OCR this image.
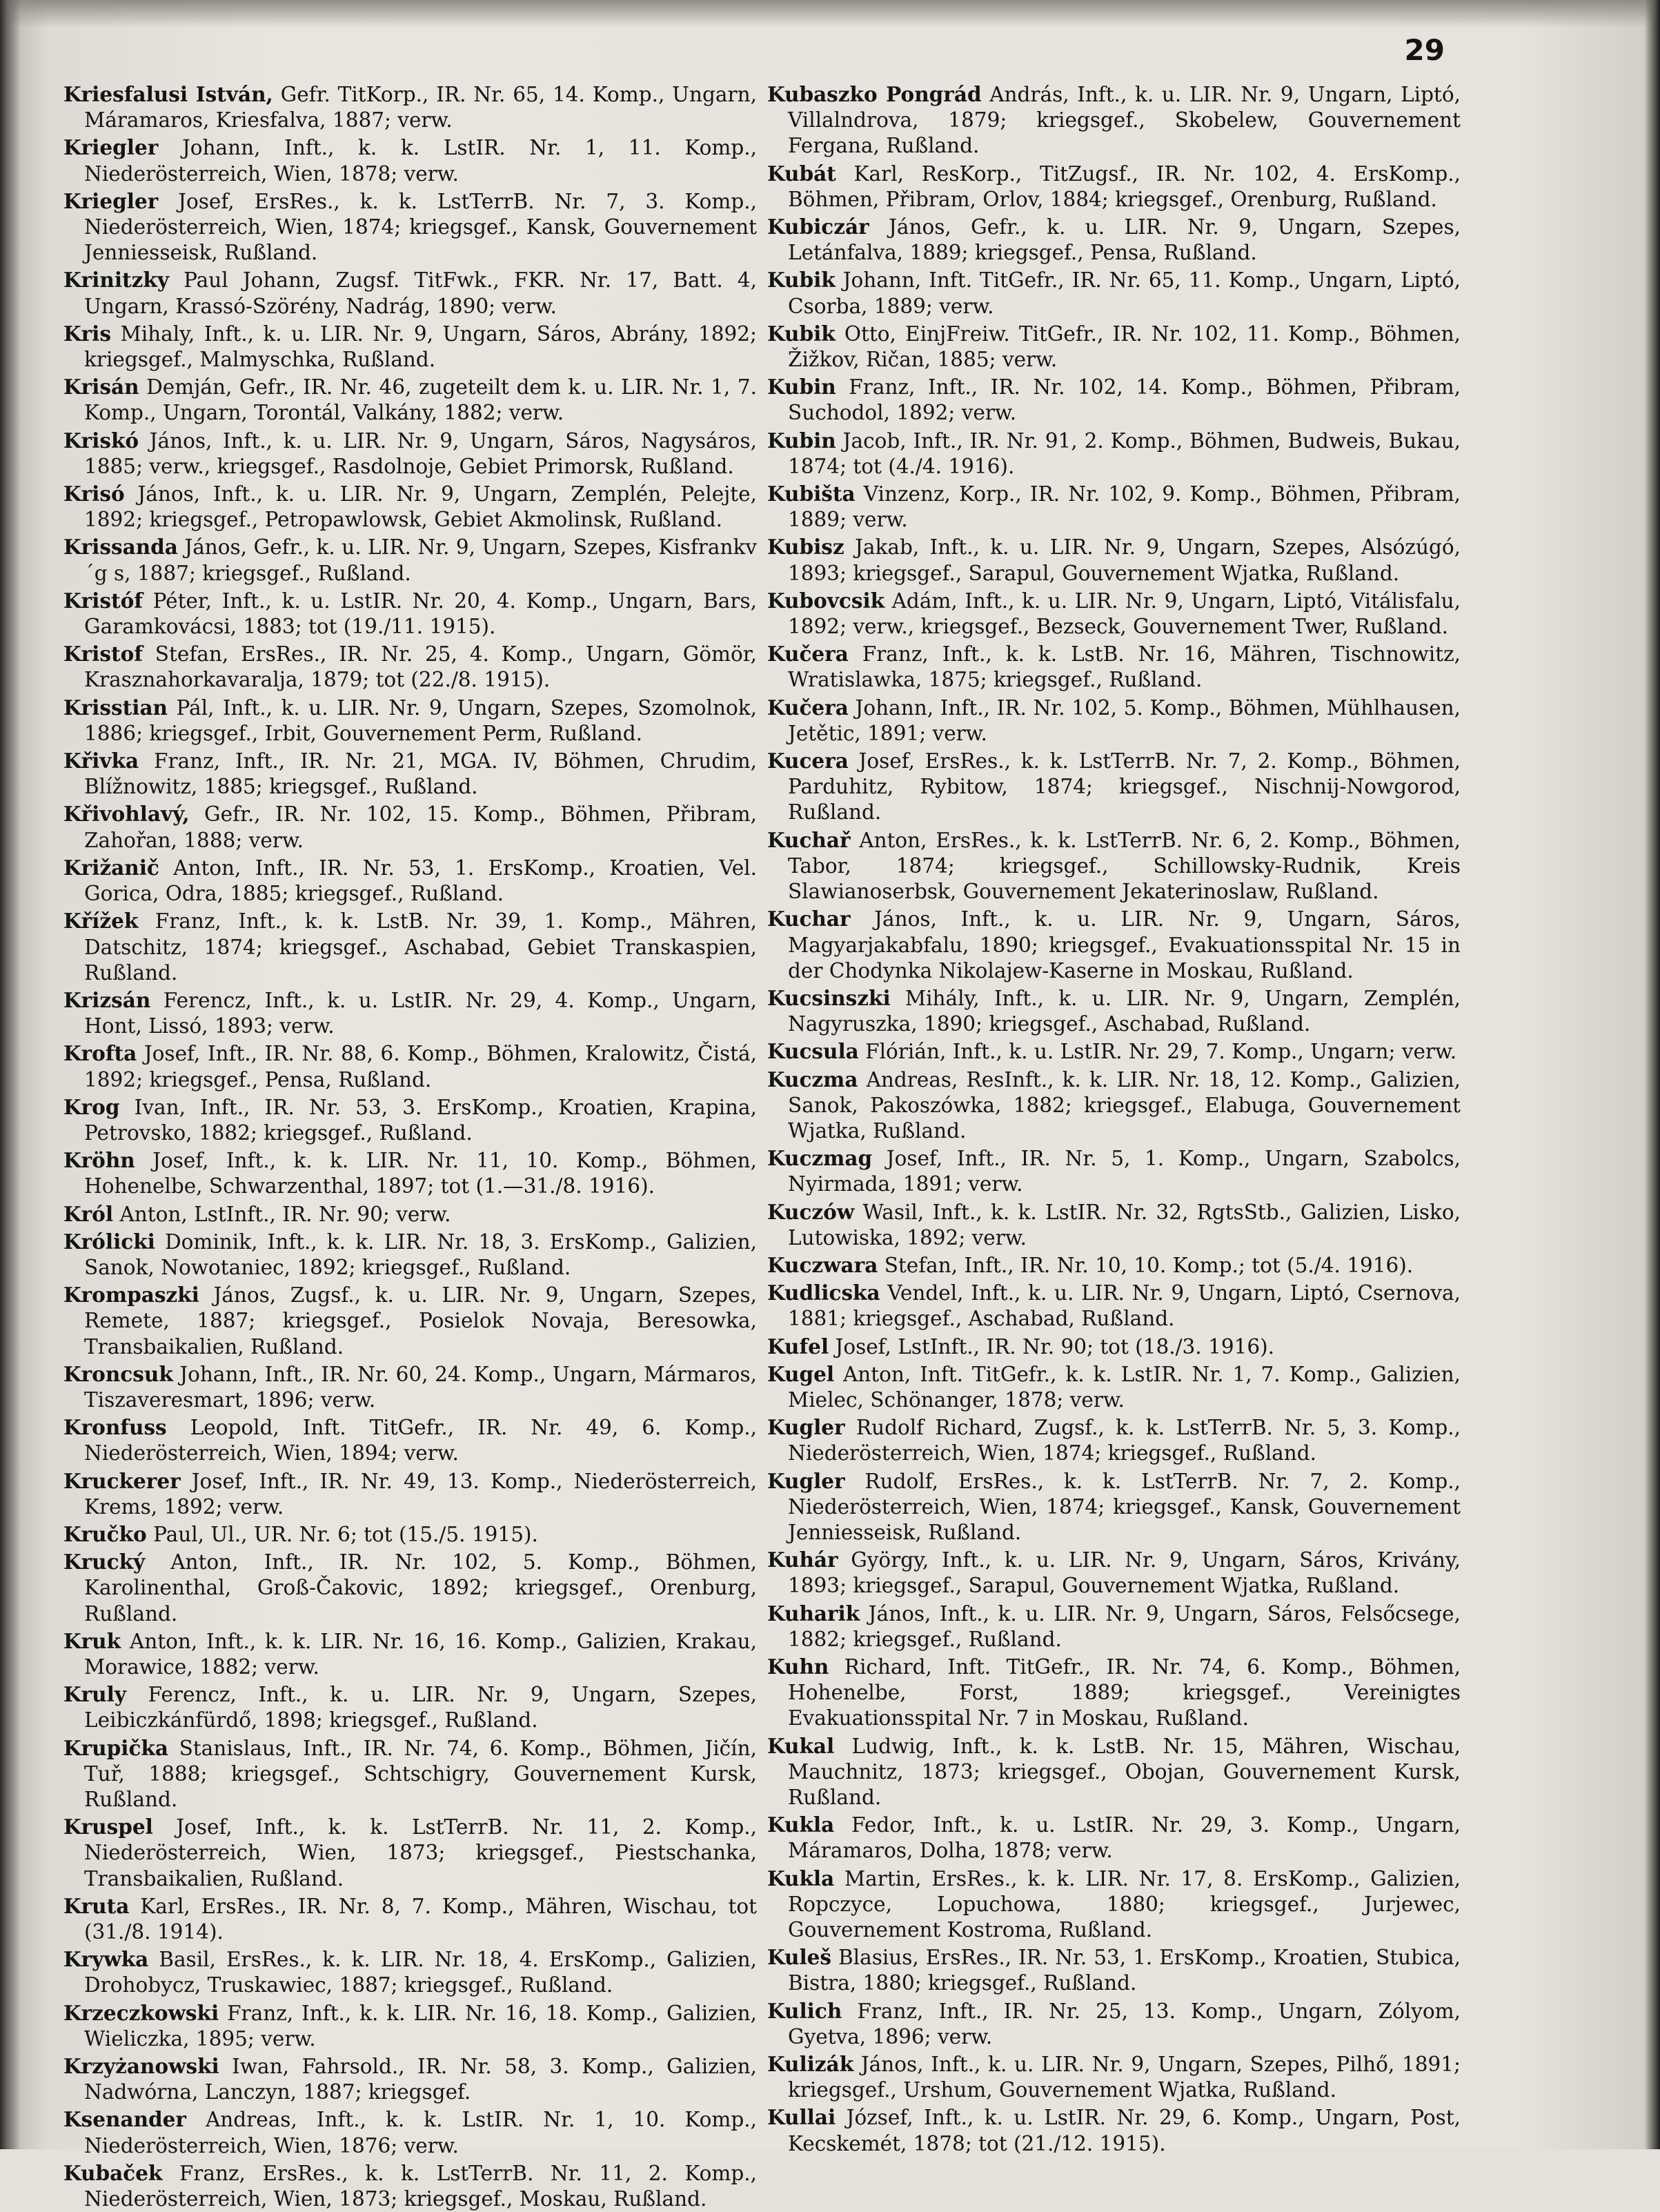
29

Kriesfalusi István, Gefr. TitKorp., IR. Nr. 65, 14. Komp., Ungarn, Máramaros, Kriesfalva, 1887; verw.

Kriegler Johann, Inft., k. k. LstIR. Nr. 1, 11. Komp., Niederösterreich, Wien, 1878; verw.

Kriegler Josef, ErsRes., k. k. LstTerrB. Nr. 7, 3. Komp., Niederösterreich, Wien, 1874; kriegsgef., Kansk, Gouvernement Jenniesseisk, Rußland.

Krinitzky Paul Johann, Zugsf. TitFwk., FKR. Nr. 17, Batt. 4, Ungarn, Krassó-Szörény, Nadrág, 1890; verw.

Kris Mihaly, Inft., k. u. LIR. Nr. 9, Ungarn, Sáros, Abrány, 1892; kriegsgef., Malmyschka, Rußland.

Krisán Demján, Gefr., IR. Nr. 46, zugeteilt dem k. u. LIR. Nr. 1, 7. Komp., Ungarn, Torontál, Valkány, 1882; verw.

Kriskó János, Inft., k. u. LIR. Nr. 9, Ungarn, Sáros, Nagysáros, 1885; verw., kriegsgef., Rasdolnoje, Gebiet Primorsk, Rußland.

Krisó János, Inft., k. u. LIR. Nr. 9, Ungarn, Zemplén, Pelejte, 1892; kriegsgef., Petropawlowsk, Gebiet Akmolinsk, Rußland.

Krissanda János, Gefr., k. u. LIR. Nr. 9, Ungarn, Szepes, Kisfrankv´g s, 1887; kriegsgef., Rußland.

Kristóf Péter, Inft., k. u. LstIR. Nr. 20, 4. Komp., Ungarn, Bars, Garamkovácsi, 1883; tot (19./11. 1915).

Kristof Stefan, ErsRes., IR. Nr. 25, 4. Komp., Ungarn, Gömör, Krasznahorkavaralja, 1879; tot (22./8. 1915).

Krisstian Pál, Inft., k. u. LIR. Nr. 9, Ungarn, Szepes, Szomolnok, 1886; kriegsgef., Irbit, Gouvernement Perm, Rußland.

Křivka Franz, Inft., IR. Nr. 21, MGA. IV, Böhmen, Chrudim, Blížnowitz, 1885; kriegsgef., Rußland.

Křivohlavý, Gefr., IR. Nr. 102, 15. Komp., Böhmen, Přibram, Zahořan, 1888; verw.

Križanič Anton, Inft., IR. Nr. 53, 1. ErsKomp., Kroatien, Vel. Gorica, Odra, 1885; kriegsgef., Rußland.

Křížek Franz, Inft., k. k. LstB. Nr. 39, 1. Komp., Mähren, Datschitz, 1874; kriegsgef., Aschabad, Gebiet Transkaspien, Rußland.

Krizsán Ferencz, Inft., k. u. LstIR. Nr. 29, 4. Komp., Ungarn, Hont, Lissó, 1893; verw.

Krofta Josef, Inft., IR. Nr. 88, 6. Komp., Böhmen, Kralowitz, Čistá, 1892; kriegsgef., Pensa, Rußland.

Krog Ivan, Inft., IR. Nr. 53, 3. ErsKomp., Kroatien, Krapina, Petrovsko, 1882; kriegsgef., Rußland.

Kröhn Josef, Inft., k. k. LIR. Nr. 11, 10. Komp., Böhmen, Hohenelbe, Schwarzenthal, 1897; tot (1.—31./8. 1916).

Król Anton, LstInft., IR. Nr. 90; verw.

Królicki Dominik, Inft., k. k. LIR. Nr. 18, 3. ErsKomp., Galizien, Sanok, Nowotaniec, 1892; kriegsgef., Rußland.

Krompaszki János, Zugsf., k. u. LIR. Nr. 9, Ungarn, Szepes, Remete, 1887; kriegsgef., Posielok Novaja, Beresowka, Transbaikalien, Rußland.

Kroncsuk Johann, Inft., IR. Nr. 60, 24. Komp., Ungarn, Mármaros, Tiszaveresmart, 1896; verw.

Kronfuss Leopold, Inft. TitGefr., IR. Nr. 49, 6. Komp., Niederösterreich, Wien, 1894; verw.

Kruckerer Josef, Inft., IR. Nr. 49, 13. Komp., Niederösterreich, Krems, 1892; verw.

Kručko Paul, Ul., UR. Nr. 6; tot (15./5. 1915).

Krucký Anton, Inft., IR. Nr. 102, 5. Komp., Böhmen, Karolinenthal, Groß-Čakovic, 1892; kriegsgef., Orenburg, Rußland.

Kruk Anton, Inft., k. k. LIR. Nr. 16, 16. Komp., Galizien, Krakau, Morawice, 1882; verw.

Kruly Ferencz, Inft., k. u. LIR. Nr. 9, Ungarn, Szepes, Leibiczkánfürdő, 1898; kriegsgef., Rußland.

Krupička Stanislaus, Inft., IR. Nr. 74, 6. Komp., Böhmen, Jičín, Tuř, 1888; kriegsgef., Schtschigry, Gouvernement Kursk, Rußland.

Kruspel Josef, Inft., k. k. LstTerrB. Nr. 11, 2. Komp., Niederösterreich, Wien, 1873; kriegsgef., Piestschanka, Transbaikalien, Rußland.

Kruta Karl, ErsRes., IR. Nr. 8, 7. Komp., Mähren, Wischau, tot (31./8. 1914).

Krywka Basil, ErsRes., k. k. LIR. Nr. 18, 4. ErsKomp., Galizien, Drohobycz, Truskawiec, 1887; kriegsgef., Rußland.

Krzeczkowski Franz, Inft., k. k. LIR. Nr. 16, 18. Komp., Galizien, Wieliczka, 1895; verw.

Krzyżanowski Iwan, Fahrsold., IR. Nr. 58, 3. Komp., Galizien, Nadwórna, Lanczyn, 1887; kriegsgef.

Ksenander Andreas, Inft., k. k. LstIR. Nr. 1, 10. Komp., Niederösterreich, Wien, 1876; verw.

Kubaček Franz, ErsRes., k. k. LstTerrB. Nr. 11, 2. Komp., Niederösterreich, Wien, 1873; kriegsgef., Moskau, Rußland.

Kubaszko Pongrád András, Inft., k. u. LIR. Nr. 9, Ungarn, Liptó, Villalndrova, 1879; kriegsgef., Skobelew, Gouvernement Fergana, Rußland.

Kubát Karl, ResKorp., TitZugsf., IR. Nr. 102, 4. ErsKomp., Böhmen, Přibram, Orlov, 1884; kriegsgef., Orenburg, Rußland.

Kubiczár János, Gefr., k. u. LIR. Nr. 9, Ungarn, Szepes, Letánfalva, 1889; kriegsgef., Pensa, Rußland.

Kubik Johann, Inft. TitGefr., IR. Nr. 65, 11. Komp., Ungarn, Liptó, Csorba, 1889; verw.

Kubik Otto, EinjFreiw. TitGefr., IR. Nr. 102, 11. Komp., Böhmen, Žižkov, Ričan, 1885; verw.

Kubin Franz, Inft., IR. Nr. 102, 14. Komp., Böhmen, Přibram, Suchodol, 1892; verw.

Kubin Jacob, Inft., IR. Nr. 91, 2. Komp., Böhmen, Budweis, Bukau, 1874; tot (4./4. 1916).

Kubišta Vinzenz, Korp., IR. Nr. 102, 9. Komp., Böhmen, Přibram, 1889; verw.

Kubisz Jakab, Inft., k. u. LIR. Nr. 9, Ungarn, Szepes, Alsózúgó, 1893; kriegsgef., Sarapul, Gouvernement Wjatka, Rußland.

Kubovcsik Adám, Inft., k. u. LIR. Nr. 9, Ungarn, Liptó, Vitálisfalu, 1892; verw., kriegsgef., Bezseck, Gouvernement Twer, Rußland.

Kučera Franz, Inft., k. k. LstB. Nr. 16, Mähren, Tischnowitz, Wratislawka, 1875; kriegsgef., Rußland.

Kučera Johann, Inft., IR. Nr. 102, 5. Komp., Böhmen, Mühlhausen, Jetětic, 1891; verw.

Kucera Josef, ErsRes., k. k. LstTerrB. Nr. 7, 2. Komp., Böhmen, Parduhitz, Rybitow, 1874; kriegsgef., Nischnij-Nowgorod, Rußland.

Kuchař Anton, ErsRes., k. k. LstTerrB. Nr. 6, 2. Komp., Böhmen, Tabor, 1874; kriegsgef., Schillowsky-Rudnik, Kreis Slawianoserbsk, Gouvernement Jekaterinoslaw, Rußland.

Kuchar János, Inft., k. u. LIR. Nr. 9, Ungarn, Sáros, Magyarjakabfalu, 1890; kriegsgef., Evakuationsspital Nr. 15 in der Chodynka Nikolajew-Kaserne in Moskau, Rußland.

Kucsinszki Mihály, Inft., k. u. LIR. Nr. 9, Ungarn, Zemplén, Nagyruszka, 1890; kriegsgef., Aschabad, Rußland.

Kucsula Flórián, Inft., k. u. LstIR. Nr. 29, 7. Komp., Ungarn; verw.

Kuczma Andreas, ResInft., k. k. LIR. Nr. 18, 12. Komp., Galizien, Sanok, Pakoszówka, 1882; kriegsgef., Elabuga, Gouvernement Wjatka, Rußland.

Kuczmag Josef, Inft., IR. Nr. 5, 1. Komp., Ungarn, Szabolcs, Nyirmada, 1891; verw.

Kuczów Wasil, Inft., k. k. LstIR. Nr. 32, RgtsStb., Galizien, Lisko, Lutowiska, 1892; verw.

Kuczwara Stefan, Inft., IR. Nr. 10, 10. Komp.; tot (5./4. 1916).

Kudlicska Vendel, Inft., k. u. LIR. Nr. 9, Ungarn, Liptó, Csernova, 1881; kriegsgef., Aschabad, Rußland.

Kufel Josef, LstInft., IR. Nr. 90; tot (18./3. 1916).

Kugel Anton, Inft. TitGefr., k. k. LstIR. Nr. 1, 7. Komp., Galizien, Mielec, Schönanger, 1878; verw.

Kugler Rudolf Richard, Zugsf., k. k. LstTerrB. Nr. 5, 3. Komp., Niederösterreich, Wien, 1874; kriegsgef., Rußland.

Kugler Rudolf, ErsRes., k. k. LstTerrB. Nr. 7, 2. Komp., Niederösterreich, Wien, 1874; kriegsgef., Kansk, Gouvernement Jenniesseisk, Rußland.

Kuhár György, Inft., k. u. LIR. Nr. 9, Ungarn, Sáros, Krivány, 1893; kriegsgef., Sarapul, Gouvernement Wjatka, Rußland.

Kuharik János, Inft., k. u. LIR. Nr. 9, Ungarn, Sáros, Felsőcsege, 1882; kriegsgef., Rußland.

Kuhn Richard, Inft. TitGefr., IR. Nr. 74, 6. Komp., Böhmen, Hohenelbe, Forst, 1889; kriegsgef., Vereinigtes Evakuationsspital Nr. 7 in Moskau, Rußland.

Kukal Ludwig, Inft., k. k. LstB. Nr. 15, Mähren, Wischau, Mauchnitz, 1873; kriegsgef., Obojan, Gouvernement Kursk, Rußland.

Kukla Fedor, Inft., k. u. LstIR. Nr. 29, 3. Komp., Ungarn, Máramaros, Dolha, 1878; verw.

Kukla Martin, ErsRes., k. k. LIR. Nr. 17, 8. ErsKomp., Galizien, Ropczyce, Lopuchowa, 1880; kriegsgef., Jurjewec, Gouvernement Kostroma, Rußland.

Kuleš Blasius, ErsRes., IR. Nr. 53, 1. ErsKomp., Kroatien, Stubica, Bistra, 1880; kriegsgef., Rußland.

Kulich Franz, Inft., IR. Nr. 25, 13. Komp., Ungarn, Zólyom, Gyetva, 1896; verw.

Kulizák János, Inft., k. u. LIR. Nr. 9, Ungarn, Szepes, Pilhő, 1891; kriegsgef., Urshum, Gouvernement Wjatka, Rußland.

Kullai József, Inft., k. u. LstIR. Nr. 29, 6. Komp., Ungarn, Post, Kecskemét, 1878; tot (21./12. 1915).
